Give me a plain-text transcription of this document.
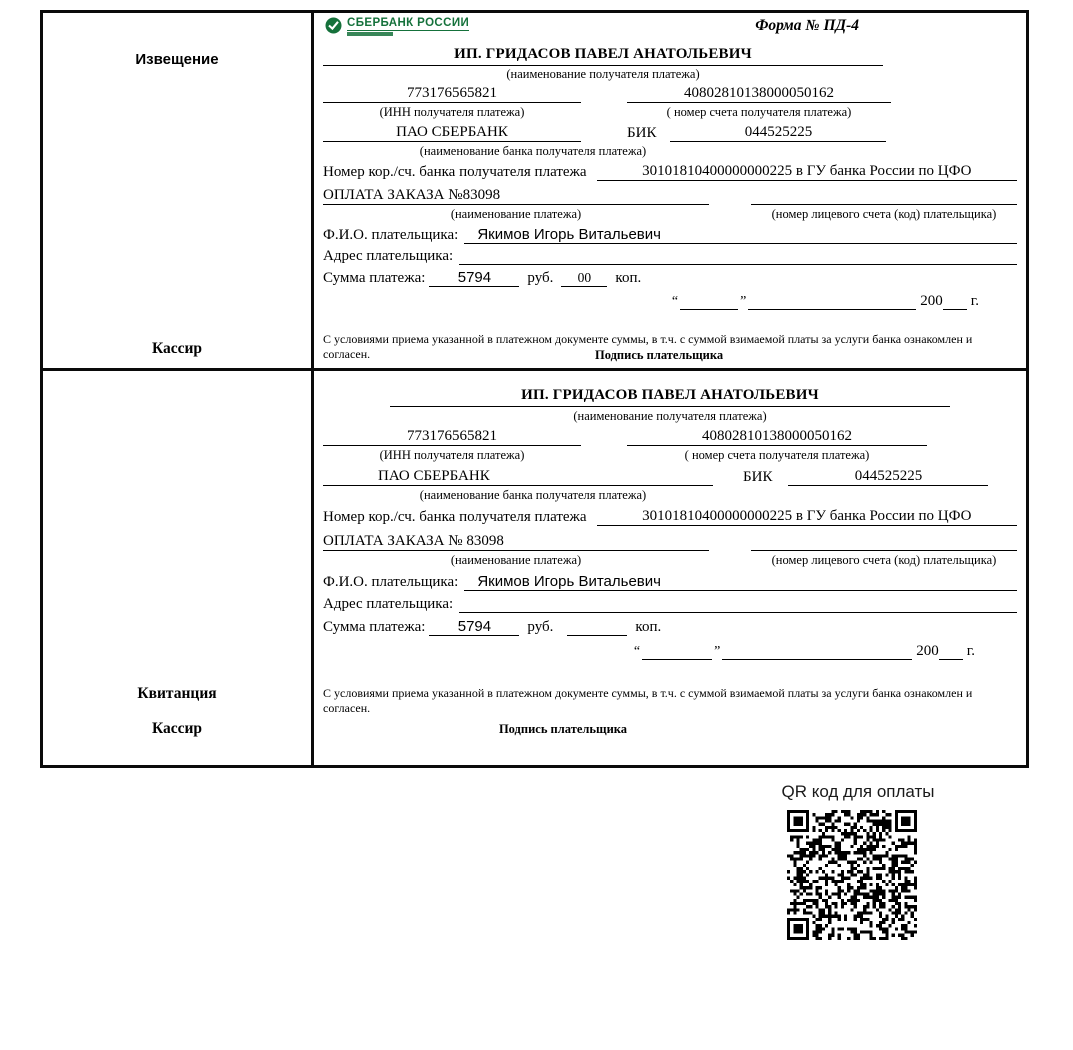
Извещение
Кассир
СБЕРБАНК РОССИИ	Форма № ПД-4
ИП. ГРИДАСОВ ПАВЕЛ АНАТОЛЬЕВИЧ
(наименование получателя платежа)
773176565821	40802810138000050162
(ИНН получателя платежа)	( номер счета получателя платежа)
ПАО СБЕРБАНК	БИК	044525225
(наименование банка получателя платежа)
Номер кор./сч. банка получателя платежа	30101810400000000225 в ГУ банка России по ЦФО
ОПЛАТА ЗАКАЗА №83098

(наименование платежа)	(номер лицевого счета (код) плательщика)
Ф.И.О. плательщика:	Якимов Игорь Витальевич
Адрес плательщика:
Сумма платежа:	5794	руб.	00	коп.
“	”	200 г.
С условиями приема указанной в платежном документе суммы, в т.ч. с суммой взимаемой платы за услуги банка ознакомлен и согласен.	Подпись плательщика
Квитанция
Кассир
ИП. ГРИДАСОВ ПАВЕЛ АНАТОЛЬЕВИЧ
(наименование получателя платежа)
773176565821	40802810138000050162
(ИНН получателя платежа)	( номер счета получателя платежа)
ПАО СБЕРБАНК	БИК	044525225
(наименование банка получателя платежа)
Номер кор./сч. банка получателя платежа	30101810400000000225 в ГУ банка России по ЦФО
ОПЛАТА ЗАКАЗА № 83098

(наименование платежа)	(номер лицевого счета (код) плательщика)
Ф.И.О. плательщика:	Якимов Игорь Витальевич
Адрес плательщика:
Сумма платежа:	5794	руб.	коп.
“	”	200 г.
С условиями приема указанной в платежном документе суммы, в т.ч. с суммой взимаемой платы за услуги банка ознакомлен и согласен.
Подпись плательщика
QR код для оплаты
